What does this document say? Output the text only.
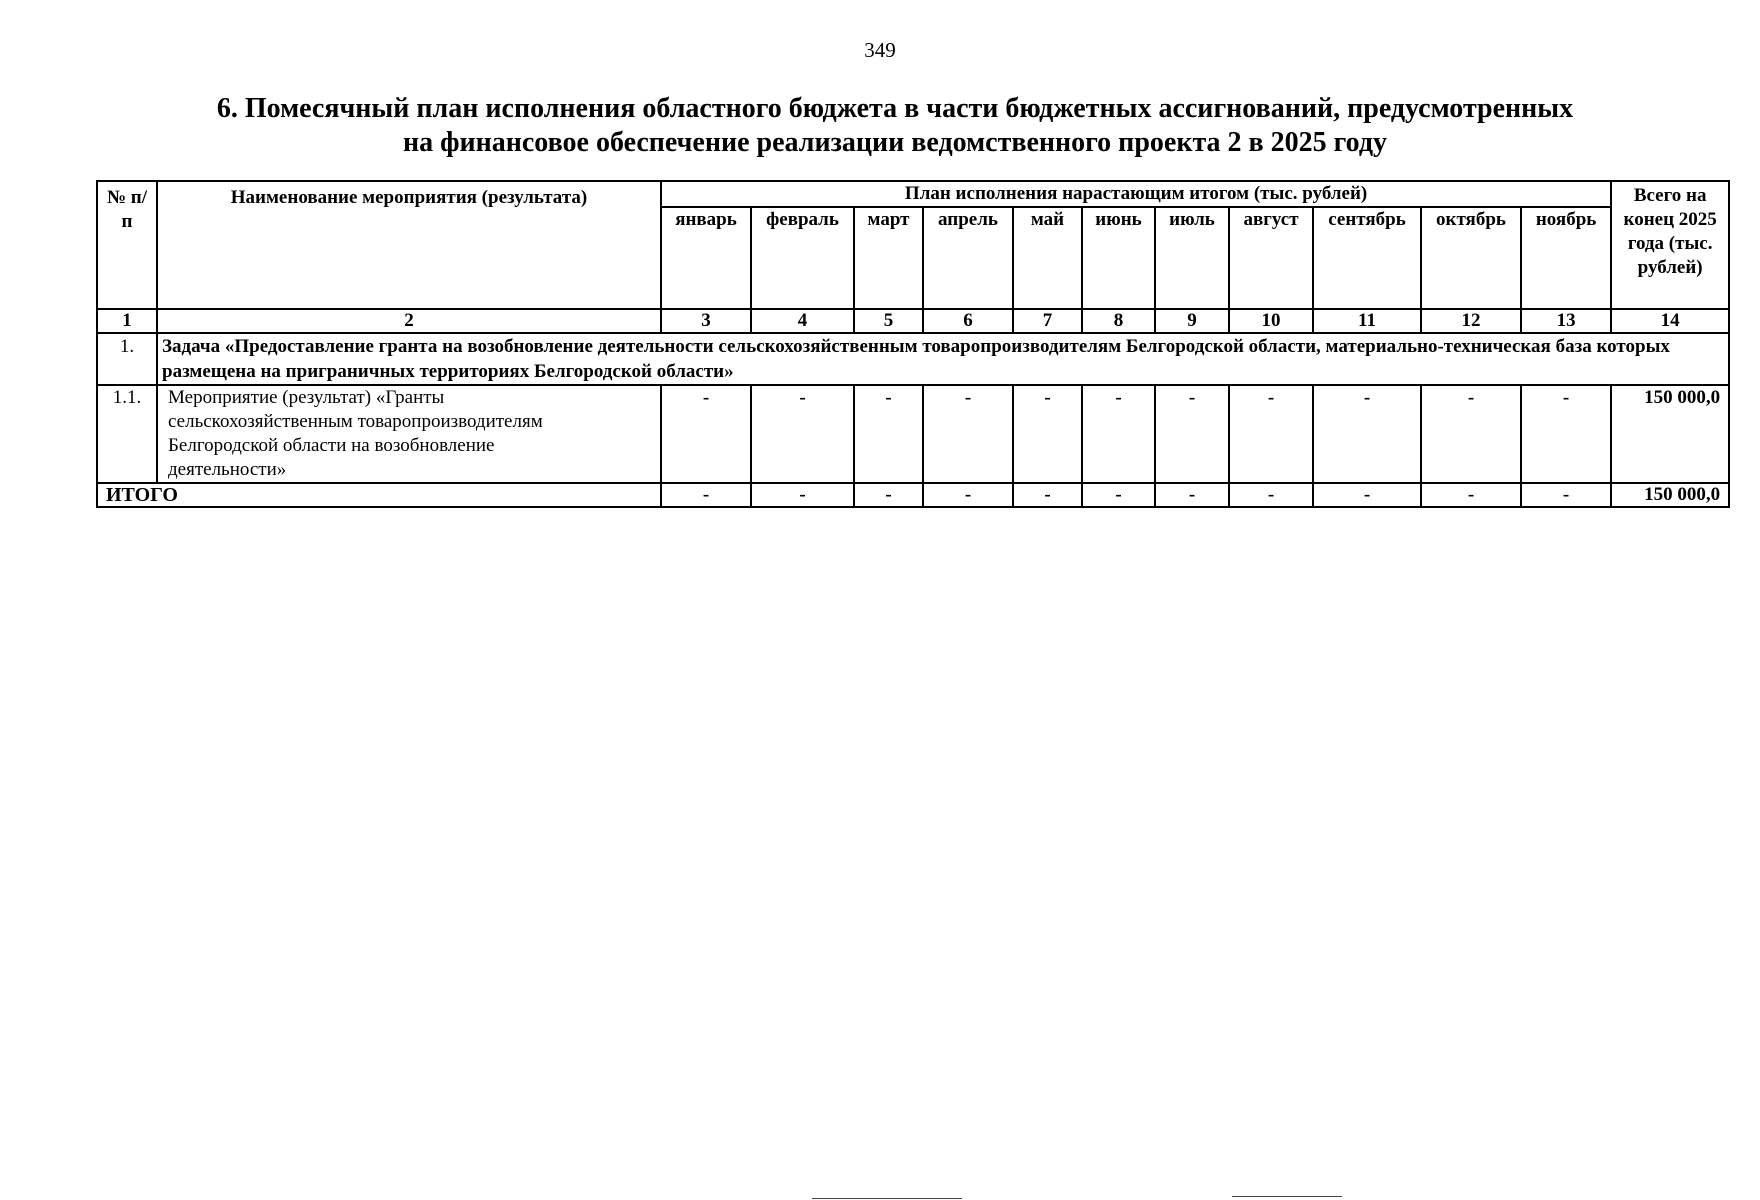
349
6. Помесячный план исполнения областного бюджета в части бюджетных ассигнований, предусмотренных
на финансовое обеспечение реализации ведомственного проекта 2 в 2025 году
№ п/п	Наименование мероприятия (результата)	План исполнения нарастающим итогом (тыс. рублей)											Всего на конец 2025 года (тыс. рублей)
		январь	февраль	март	апрель	май	июнь	июль	август	сентябрь	октябрь	ноябрь	
1	2	3	4	5	6	7	8	9	10	11	12	13	14
1.	Задача «Предоставление гранта на возобновление деятельности сельскохозяйственным товаропроизводителям Белгородской области, материально-техническая база которых размещена на приграничных территориях Белгородской области»												
1.1.	Мероприятие (результат) «Гранты сельскохозяйственным товаропроизводителям Белгородской области на возобновление деятельности»	-	-	-	-	-	-	-	-	-	-	-	150 000,0
ИТОГО		-	-	-	-	-	-	-	-	-	-	-	150 000,0
